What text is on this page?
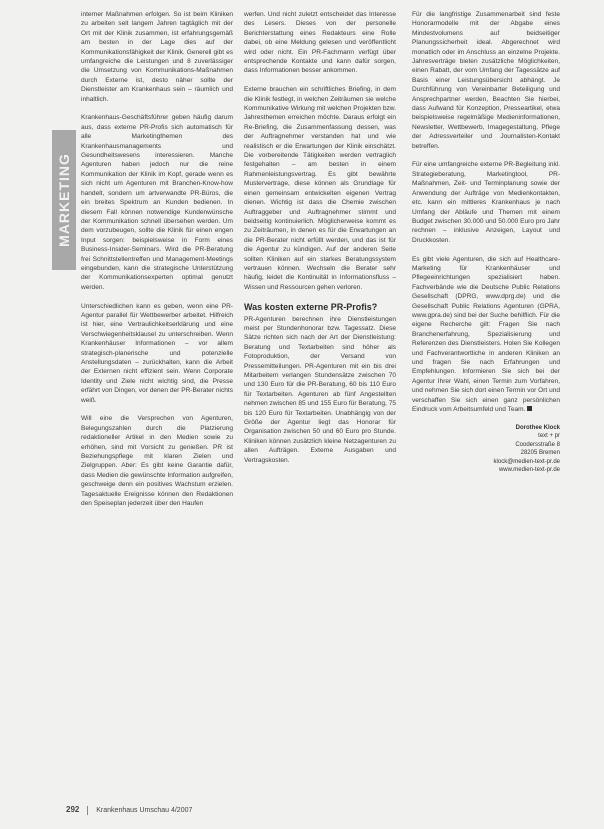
MARKETING

interner Maßnahmen erfolgen. So ist beim Kliniken zu arbeiten seit langem Jahren tagtäglich mit der Ort mit der Klinik zusammen, ist erfahrungsgemäß am besten in der Lage dies auf der Kommunikationsfähigkeit der Klinik. Generell gibt es umfangreiche die Leistungen und 8 zuverlässiger die Umsetzung von Kommunikations-Maßnahmen durch Externe ist, desto näher sollte der Dienstleister am Krankenhaus sein – räumlich und inhaltlich.

Krankenhaus-Geschäftsführer geben häufig darum aus, dass externe PR-Profis sich automatisch für alle Marketingthemen des Krankenhausmanagements und Gesundheitswesens interessieren. Manche Agenturen haben jedoch nur die reine Kommunikation der Klinik im Kopf, gerade wenn es sich nicht um Agenturen mit Branchen-Know-how handelt, sondern um artverwandte PR-Büros, die ein breites Spektrum an Kunden bedienen. In diesem Fall können notwendige Kundenwünsche der Kommunikation schnell übersehen werden. Um dem vorzubeugen, sollte die Klinik für einen engen Input sorgen: beispielsweise in Form eines Business-Insider-Seminars. Wird die PR-Beratung frei Schnittstellentreffen und Management-Meetings eingebunden, kann die strategische Unterstützung der Kommunikationsexperten optimal genutzt werden.

Unterschiedlichen kann es geben, wenn eine PR-Agentur parallel für Wettbewerber arbeitet. Hilfreich ist hier, eine Vertraulichkeitserklärung und eine Verschwiegenheitsklausel zu unterschreiben. Wenn Krankenhäuser Informationen – vor allem strategisch-planerische und potenzielle Anstellungsdaten – zurückhalten, kann die Arbeit der Externen nicht effizient sein. Wenn Corporate Identity und Ziele nicht wichtig sind, die Presse erfährt von Dingen, vor denen der PR-Berater nichts weiß.

Will eine die Versprechen von Agenturen, Belegungszahlen durch die Platzierung redaktioneller Artikel in den Medien sowie zu erhöhen, sind mit Vorsicht zu genießen. PR ist Beziehungspflege mit klaren Zielen und Zielgruppen. Aber: Es gibt keine Garantie dafür, dass Medien die gewünschte Information aufgreifen, geschweige denn ein positives Wachstum erzielen. Tagesaktuelle Ereignisse können den Redaktionen den Speiseplan jederzeit über den Haufen

werfen. Und nicht zuletzt entscheidet das Interesse des Lesers. Dieses von der personelle Berichterstattung eines Redakteurs eine Rolle dabei, ob eine Meldung gelesen und veröffentlicht wird oder nicht. Ein PR-Fachmann verfügt über entsprechende Kontakte und kann dafür sorgen, dass Informationen besser ankommen.

Externe brauchen ein schriftliches Briefing, in dem die Klinik festlegt, in welchen Zeiträumen sie welche Kommunikative Wirkung mit welchen Projekten bzw. Jahresthemen erreichen möchte. Daraus erfolgt ein Re-Briefing, die Zusammenfassung dessen, was der Auftragnehmer verstanden hat und wie realistisch er die Erwartungen der Klinik einschätzt. Die vorbereitende Tätigkeiten werden vertraglich festgehalten – am besten in einem Rahmenleistungsvertrag. Es gibt bewährte Mustervertrage, diese können als Grundlage für einen gemeinsam entwickelten eigenen Vertrag dienen. Wichtig ist dass die Chemie zwischen Auftraggeber und Auftragnehmer stimmt und beidseitig kontinuierlich. Möglicherweise kommt es zu Zeiträumen, in denen es für die Erwartungen an die PR-Berater nicht erfüllt werden, und das ist für die Agentur zu kündigen. Auf der anderen Seite sollten Kliniken auf ein starkes Beratungssystem vertrauen können. Wechseln die Berater sehr häufig, leidet die Kontinuität in Informationsfluss – Wissen und Ressourcen gehen verloren.

Was kosten externe PR-Profis?

PR-Agenturen berechnen ihre Dienstleistungen meist per Stundenhonorar bzw. Tagessatz. Diese Sätze richten sich nach der Art der Dienstleistung: Beratung und Textarbeiten sind höher als Fotoproduktion, der Versand von Pressemitteilungen. PR-Agenturen mit ein bis drei Mitarbeitern verlangen Stundensätze zwischen 70 und 130 Euro für die PR-Beratung, 60 bis 110 Euro für Textarbeiten. Agenturen ab fünf Angestellten nehmen zwischen 85 und 155 Euro für Beratung, 75 bis 120 Euro für Textarbeiten. Unabhängig von der Größe der Agentur liegt das Honorar für Organisation zwischen 50 und 60 Euro pro Stunde. Kliniken können zusätzlich kleine Netzagenturen zu allen Aufträgen. Externe Ausgaben und Vertragskosten.

Für die langfristige Zusammenarbeit sind feste Honorarmodelle mit der Abgabe eines Mindestvolumens auf beidseitiger Planungssicherheit ideal. Abgerechnet wird monatlich oder im Anschluss an einzelne Projekte. Jahresverträge bieten zusätzliche Möglichkeiten, einen Rabatt, der vom Umfang der Tagessätze auf Basis einer Leistungsübersicht abhängt. Je Durchführung von Vereinbarter Beteiligung und Ansprechpartner werden, Beachten Sie hierbei, dass Aufwand für Konzeption, Presseartikel, etwa beispielsweise regelmäßige Medieninformationen, Newsletter, Wettbewerb, Imagegestaltung, Pflege der Adressverteiler und Journalisten-Kontakt betreffen.

Für eine umfangreiche externe PR-Begleitung inkl. Strategieberatung, Marketingtool, PR-Maßnahmen, Zeit- und Terminplanung sowie der Anwendung der Aufträge von Medienkontakten, etc. kann ein mittleres Krankenhaus je nach Umfang der Abläufe und Themen mit einem Budget zwischen 30.000 und 50.000 Euro pro Jahr rechnen – inklusive Anzeigen, Layout und Druckkosten.

Es gibt viele Agenturen, die sich auf Healthcare-Marketing für Krankenhäuser und Pflegeeinrichtungen spezialisiert haben. Fachverbände wie die Deutsche Public Relations Gesellschaft (DPRG, www.dprg.de) und die Gesellschaft Public Relations Agenturen (GPRA, www.gpra.de) sind bei der Suche behilflich. Für die eigene Recherche gilt: Fragen Sie nach Branchenerfahrung, Spezialisierung und Referenzen des Dienstleisters. Holen Sie Kollegen und Fachverantwortliche in anderen Kliniken an und fragen Sie nach Erfahrungen und Empfehlungen. Informieren Sie sich bei der Agentur Ihrer Wahl, einen Termin zum Vorfahren, und nehmen Sie sich dort einen Termin vor Ort und verschaffen Sie sich einen ganz persönlichen Eindruck vom Arbeitsumfeld und Team.

Dorothee Klock
text + pr
Coodersstraße 8
28205 Bremen
klock@medien-text-pr.de
www.medien-text-pr.de
292 Krankenhaus Umschau 4/2007
